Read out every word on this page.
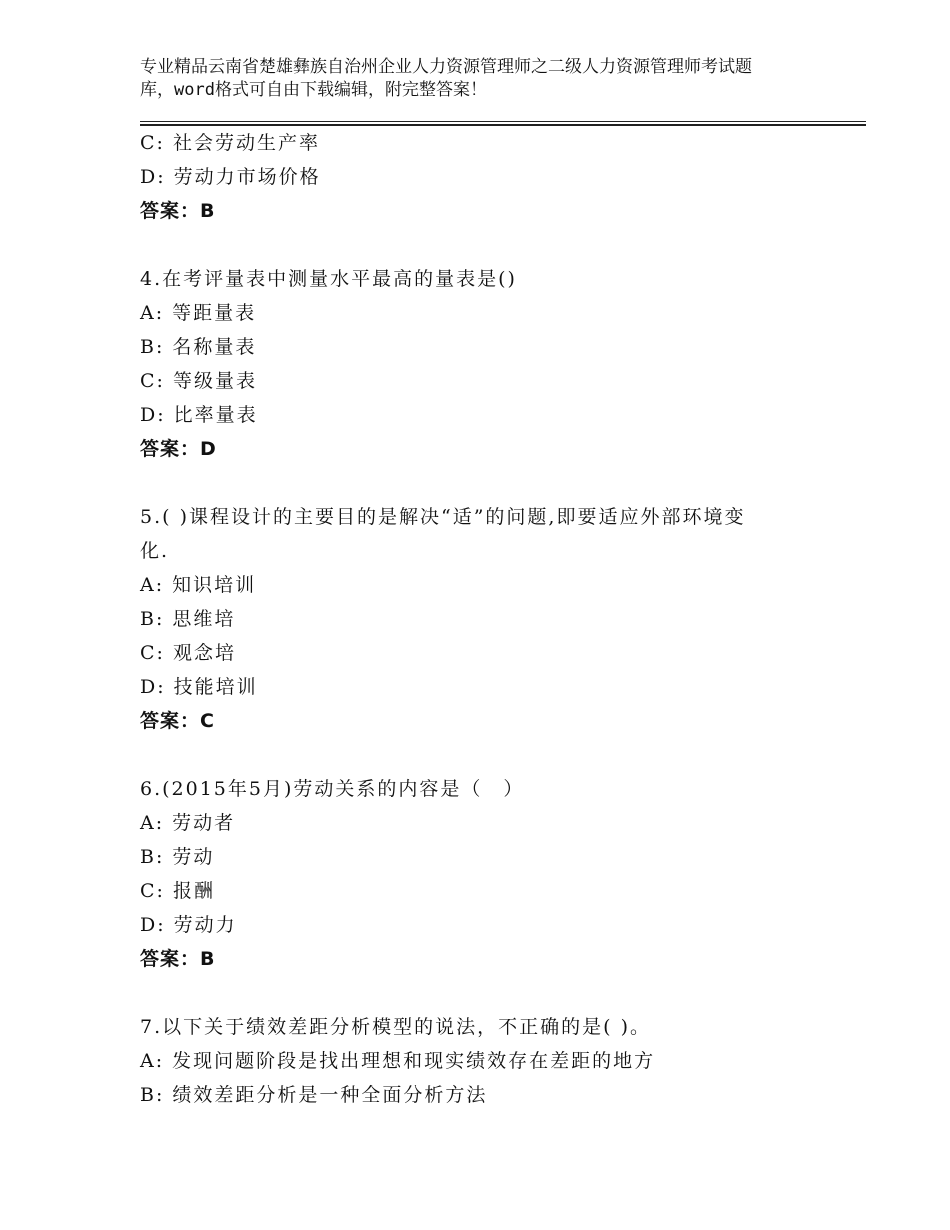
专业精品云南省楚雄彝族自治州企业人力资源管理师之二级人力资源管理师考试题
库，word格式可自由下载编辑，附完整答案！
C: 社会劳动生产率
D: 劳动力市场价格
答案：B
4.在考评量表中测量水平最高的量表是()
A: 等距量表
B: 名称量表
C: 等级量表
D: 比率量表
答案：D
5.( )课程设计的主要目的是解决“适”的问题,即要适应外部环境变
化.
A: 知识培训
B: 思维培
C: 观念培
D: 技能培训
答案：C
6.(2015年5月)劳动关系的内容是（　）
A: 劳动者
B: 劳动
C: 报酬
D: 劳动力
答案：B
7.以下关于绩效差距分析模型的说法，不正确的是( )。
A: 发现问题阶段是找出理想和现实绩效存在差距的地方
B: 绩效差距分析是一种全面分析方法
